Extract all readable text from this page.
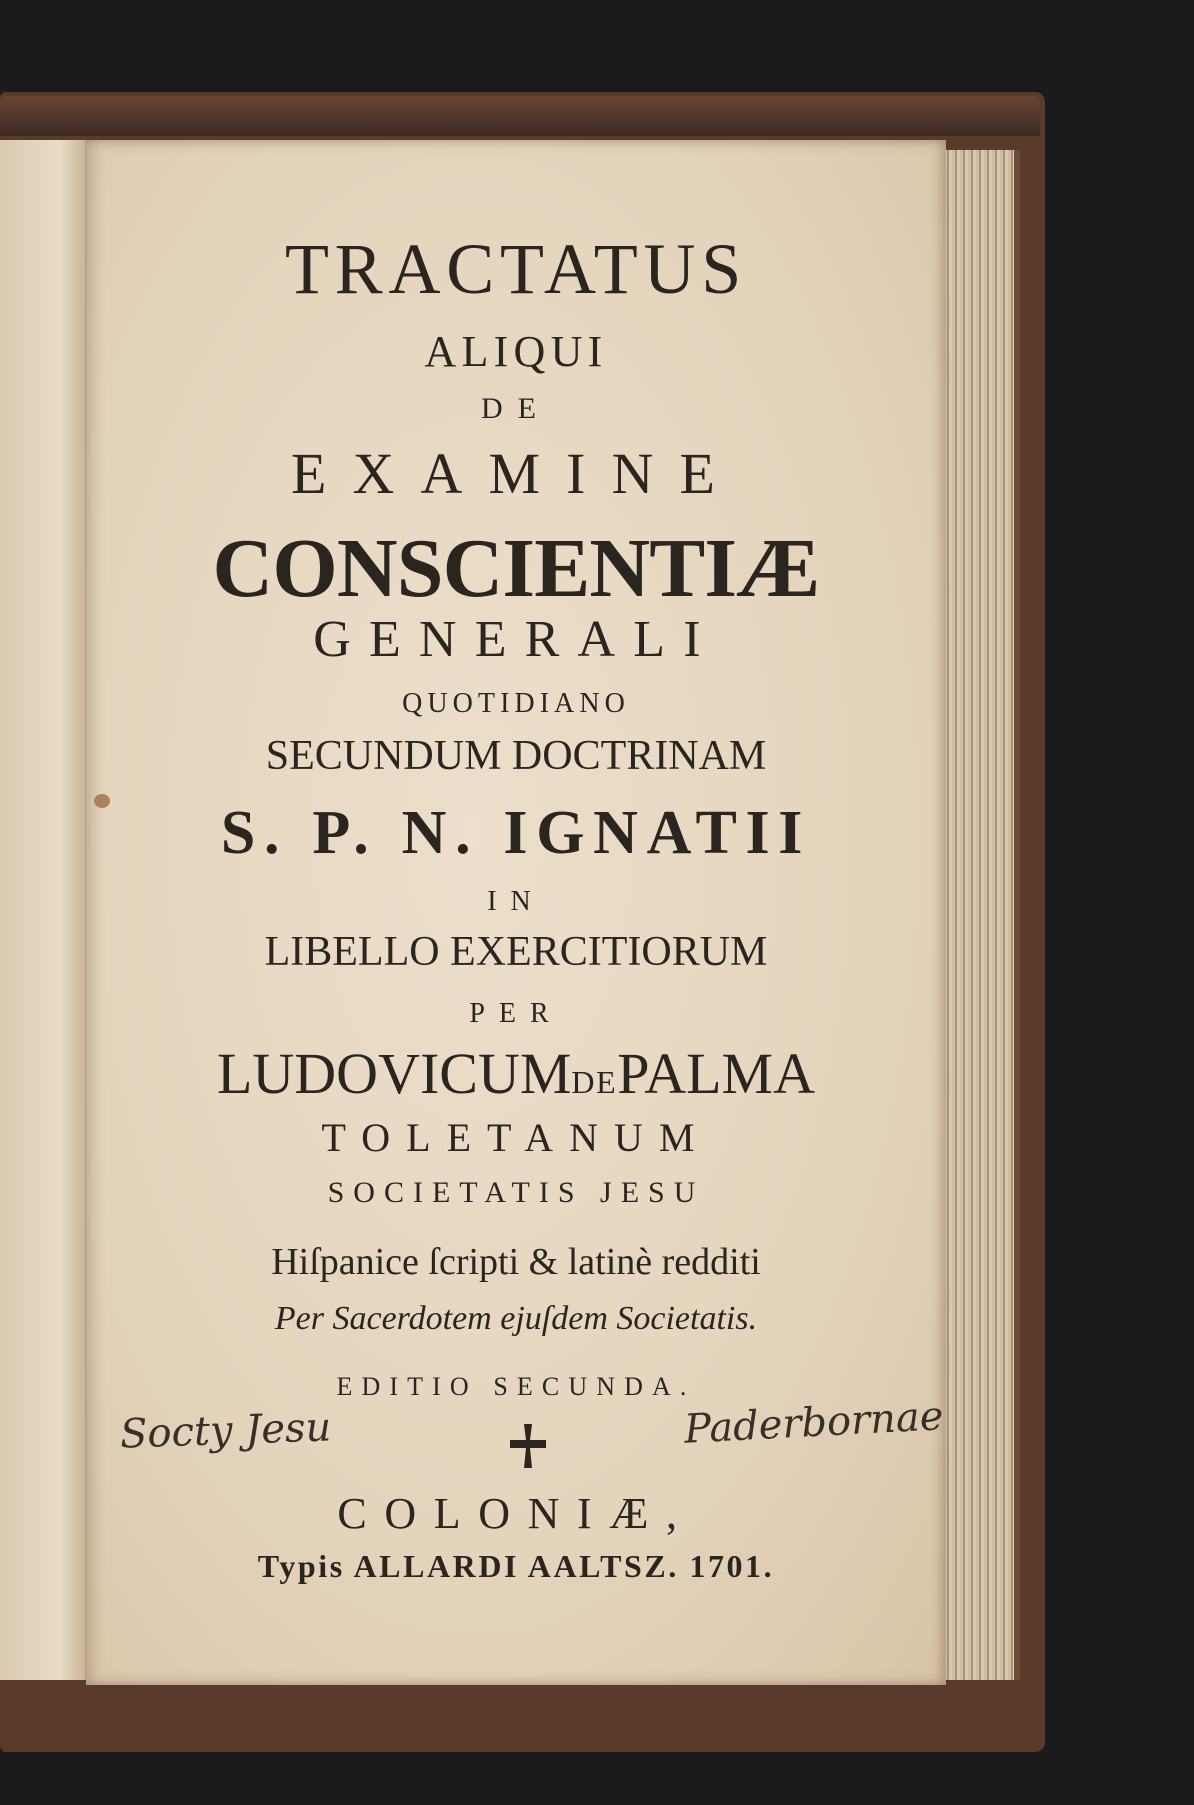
TRACTATUS
ALIQUI
DE
EXAMINE
CONSCIENTIÆ
GENERALI
QUOTIDIANO
SECUNDUM DOCTRINAM
S. P. N. IGNATII
IN
LIBELLO EXERCITIORUM
PER
LUDOVICUMDEPALMA
TOLETANUM
SOCIETATIS JESU
Hiſpanice ſcripti & latinè redditi
Per Sacerdotem ejuſdem Societatis.
EDITIO SECUNDA.
COLONIÆ,
Typis ALLARDI AALTSZ. 1701.
Socty Jesu	Paderbornae
